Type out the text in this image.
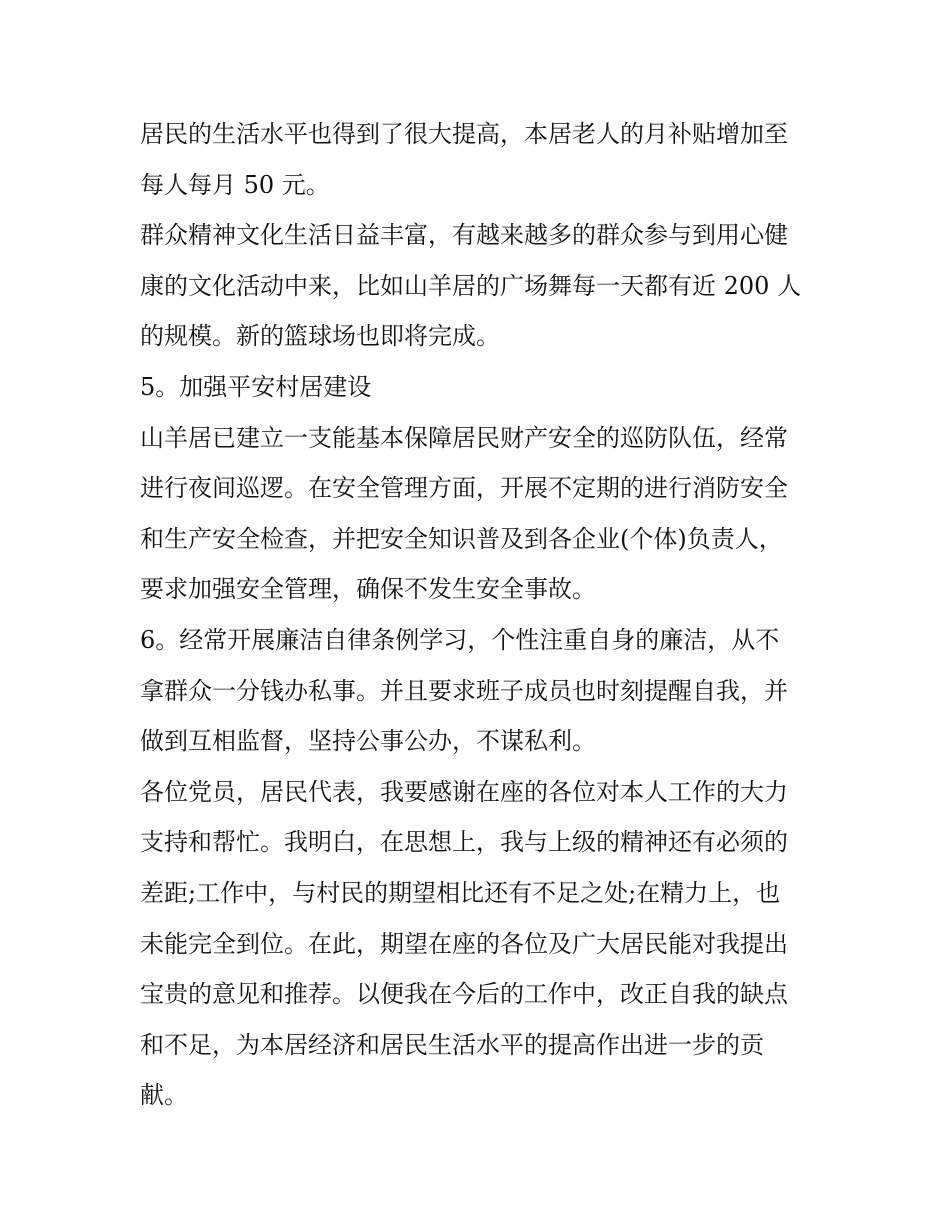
居民的生活水平也得到了很大提高，本居老人的月补贴增加至
每人每月 50 元。
群众精神文化生活日益丰富，有越来越多的群众参与到用心健
康的文化活动中来，比如山羊居的广场舞每一天都有近 200 人
的规模。新的篮球场也即将完成。
5。加强平安村居建设
山羊居已建立一支能基本保障居民财产安全的巡防队伍，经常
进行夜间巡逻。在安全管理方面，开展不定期的进行消防安全
和生产安全检查，并把安全知识普及到各企业(个体)负责人，
要求加强安全管理，确保不发生安全事故。
6。经常开展廉洁自律条例学习，个性注重自身的廉洁，从不
拿群众一分钱办私事。并且要求班子成员也时刻提醒自我，并
做到互相监督，坚持公事公办，不谋私利。
各位党员，居民代表，我要感谢在座的各位对本人工作的大力
支持和帮忙。我明白，在思想上，我与上级的精神还有必须的
差距;工作中，与村民的期望相比还有不足之处;在精力上，也
未能完全到位。在此，期望在座的各位及广大居民能对我提出
宝贵的意见和推荐。以便我在今后的工作中，改正自我的缺点
和不足，为本居经济和居民生活水平的提高作出进一步的贡
献。
